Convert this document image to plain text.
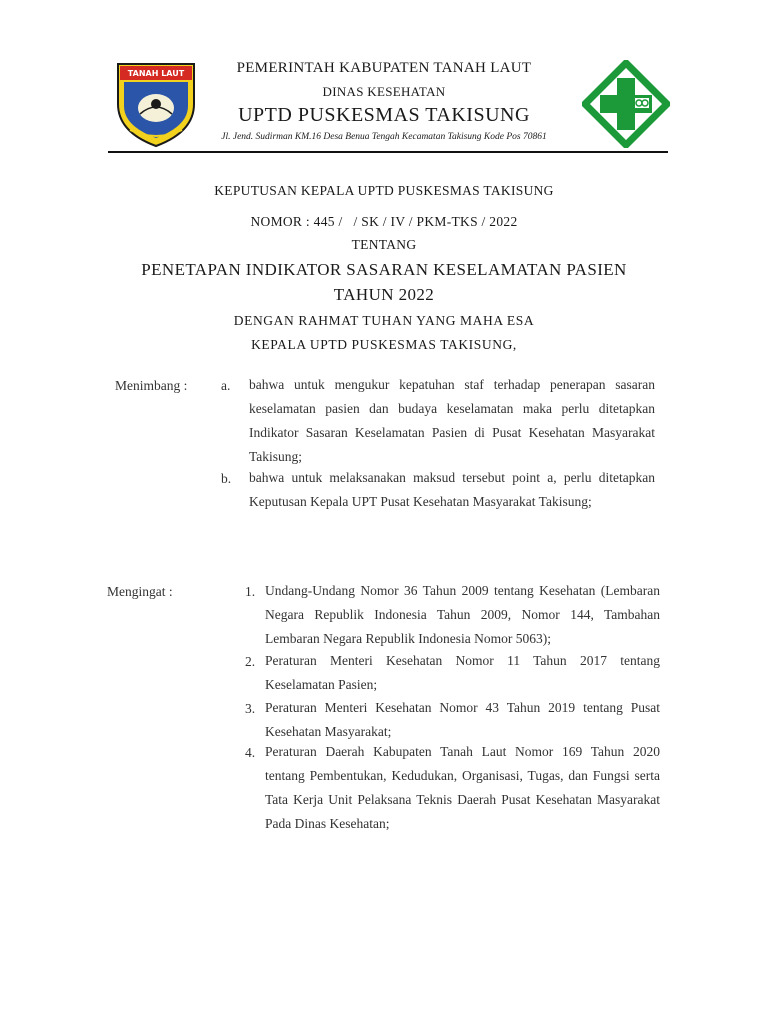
TANAH LAUT	PEMERINTAH KABUPATEN TANAH LAUT
DINAS KESEHATAN
UPTD PUSKESMAS TAKISUNG
Jl. Jend. Sudirman KM.16 Desa Benua Tengah Kecamatan Takisung Kode Pos 70861
KEPUTUSAN KEPALA UPTD PUSKESMAS TAKISUNG
NOMOR : 445 /   / SK / IV / PKM-TKS / 2022
TENTANG
PENETAPAN INDIKATOR SASARAN KESELAMATAN PASIEN
TAHUN 2022
DENGAN RAHMAT TUHAN YANG MAHA ESA
KEPALA UPTD PUSKESMAS TAKISUNG,
Menimbang : a. bahwa untuk mengukur kepatuhan staf terhadap penerapan sasaran keselamatan pasien dan budaya keselamatan maka perlu ditetapkan Indikator Sasaran Keselamatan Pasien di Pusat Kesehatan Masyarakat Takisung;
b. bahwa untuk melaksanakan maksud tersebut point a, perlu ditetapkan Keputusan Kepala UPT Pusat Kesehatan Masyarakat Takisung;
Mengingat :	1. Undang-Undang Nomor 36 Tahun 2009 tentang Kesehatan (Lembaran Negara Republik Indonesia Tahun 2009, Nomor 144, Tambahan Lembaran Negara Republik Indonesia Nomor 5063);
2. Peraturan Menteri Kesehatan Nomor 11 Tahun 2017 tentang Keselamatan Pasien;
3. Peraturan Menteri Kesehatan Nomor 43 Tahun 2019 tentang Pusat Kesehatan Masyarakat;
4. Peraturan Daerah Kabupaten Tanah Laut Nomor 169 Tahun 2020 tentang Pembentukan, Kedudukan, Organisasi, Tugas, dan Fungsi serta Tata Kerja Unit Pelaksana Teknis Daerah Pusat Kesehatan Masyarakat Pada Dinas Kesehatan;
